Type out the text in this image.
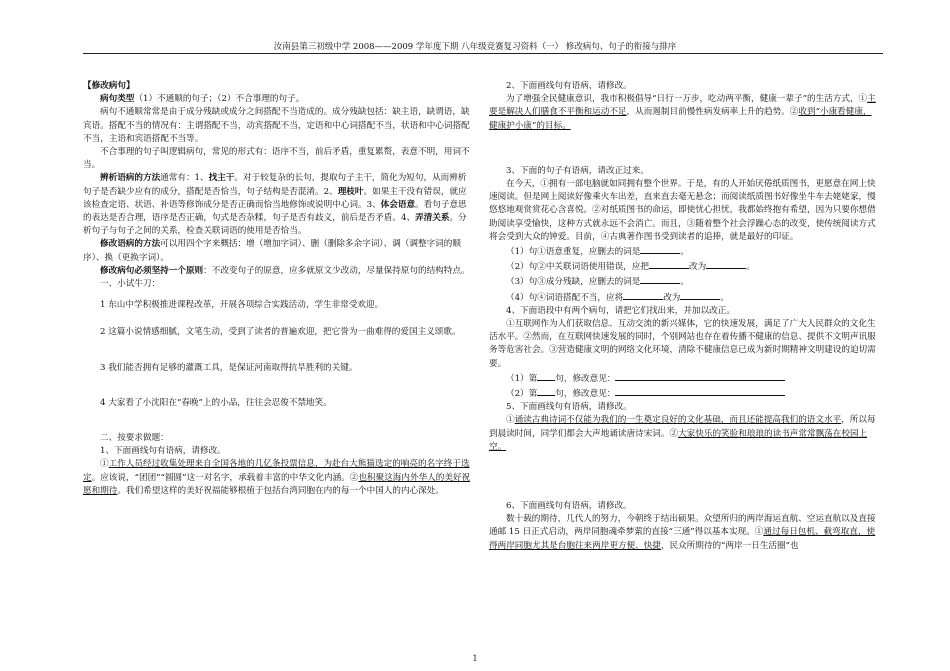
汝南县第三初级中学 2008——2009 学年度下期 八年级竞赛复习资料（一） 修改病句、句子的衔接与排序

【修改病句】

病句类型（1）不通顺的句子；（2）不合事理的句子。

病句不通顺常常是由于成分残缺或成分之间搭配不当造成的。成分残缺包括：缺主语，缺谓语，缺宾语。搭配不当的情况有：主谓搭配不当，动宾搭配不当，定语和中心词搭配不当，状语和中心词搭配不当，主语和宾语搭配不当等。

不合事理的句子叫逻辑病句，常见的形式有：语序不当，前后矛盾，重复累赘，表意不明，用词不当。

辨析语病的方法通常有：1、找主干。对于较复杂的长句，提取句子主干，简化为短句，从而辨析句子是否缺少应有的成分，搭配是否恰当，句子结构是否混淆。2、理枝叶。如果主干没有错误，就应该检查定语、状语、补语等修饰成分是否正确而恰当地修饰或说明中心词。3、体会语意。看句子意思的表达是否合理，语序是否正确，句式是否杂糅，句子是否有歧义，前后是否矛盾。4、弄清关系。分析句子与句子之间的关系，检查关联词语的使用是否恰当。

修改语病的方法可以用四个字来概括：增（增加字词）、删（删除多余字词）、调（调整字词的顺序）、换（更换字词）。

修改病句必须坚持一个原则：不改变句子的原意，应多就原文少改动，尽量保持原句的结构特点。

一、小试牛刀：

1 东山中学积极推进课程改革，开展各项综合实践活动，学生非常受欢迎。

2 这篇小说情感细腻，文笔生动，受到了读者的普遍欢迎，把它誉为一曲难得的爱国主义颂歌。

3 我们能否拥有足够的灌溉工具，是保证河南取得抗旱胜利的关键。

4 大家看了小沈阳在“春晚”上的小品，往往会忍俊不禁地笑。

二、按要求做题：

1、下面画线句有语病，请修改。

①工作人员经过收集处理来自全国各地的几亿条投票信息，为赴台大熊猫选定的响亮的名字终于选定。应该说，“团团”“圆圆”这一对名字，承载着丰富的中华文化内涵。②也积聚这海内外华人的美好祝愿和期待。我们希望这样的美好祝福能够根植于包括台湾同胞在内的每一个中国人的内心深处。

2、下面画线句有语病，请修改。

为了增强全民健康意识，我市积极倡导“日行一万步，吃动两平衡，健康一辈子”的生活方式，①主要是解决人们膳食不平衡和运动不足，从而遏制目前慢性病发病率上升的趋势。②收到“小康看健康，健康护小康”的目标。

3、下面的句子有语病，请改正过来。

在今天，①拥有一部电脑就如同拥有整个世界。于是，有的人开始厌倦纸质图书，更愿意在网上快速阅读。但是网上阅读好像乘火车出差，直来直去毫无悬念；而阅读纸质图书好像坐牛车去姥姥家，慢悠悠地观赏赏花心含喜悦。②对纸质图书的命运，即使忧心担忧，我都始终抱有希望，因为只要你想借助阅读享受愉快，这种方式就永远不会消亡。而且，③随着整个社会浮躁心态的改变，使传统阅读方式将会受到大众的钟爱。目前，④古典著作图书受到读者的追捧，就是最好的印证。

（1）句①语意重复，应删去的词是	。

（2）句②中关联词语使用错误，应把	改为	。

（3）句③成分残缺，应删去的词是	。

（4）句④词语搭配不当，应将	改为	。

4、下面语段中有两个病句，请把它们找出来，并加以改正。

①互联网作为人们获取信息、互动交流的新兴媒体，它的快速发展，满足了广大人民群众的文化生活水平。②然而，在互联网快速发展的同时，个别网站也存在着传播不健康的信息、提供不文明声讯服务等危害社会。③营造健康文明的网络文化环境，清除不健康信息已成为新时期精神文明建设的迫切需要。

（1）第 句，修改意见：

（2）第 句，修改意见：

5、下面画线句有语病，请修改。

①诵读古典诗词不仅能为我们的一生奠定良好的文化基础，而且还能提高我们的语文水平，所以每到晨读时间，同学们都会大声地诵读唐诗宋词。②大家快乐的笑脸和琅琅的读书声常常飘荡在校园上空。

6、下面画线句有语病，请修改。

数十载的期待，几代人的努力，今朝终于结出硕果。众望所归的两岸海运直航、空运直航以及直接通邮 15 日正式启动，两岸同胞魂牵梦萦的直接“三通”得以基本实现。①通过每日包机、截弯取直，使得两岸同胞尤其是台胞往来两岸更方便、快捷，民众所期待的“两岸一日生活圈”也

1
